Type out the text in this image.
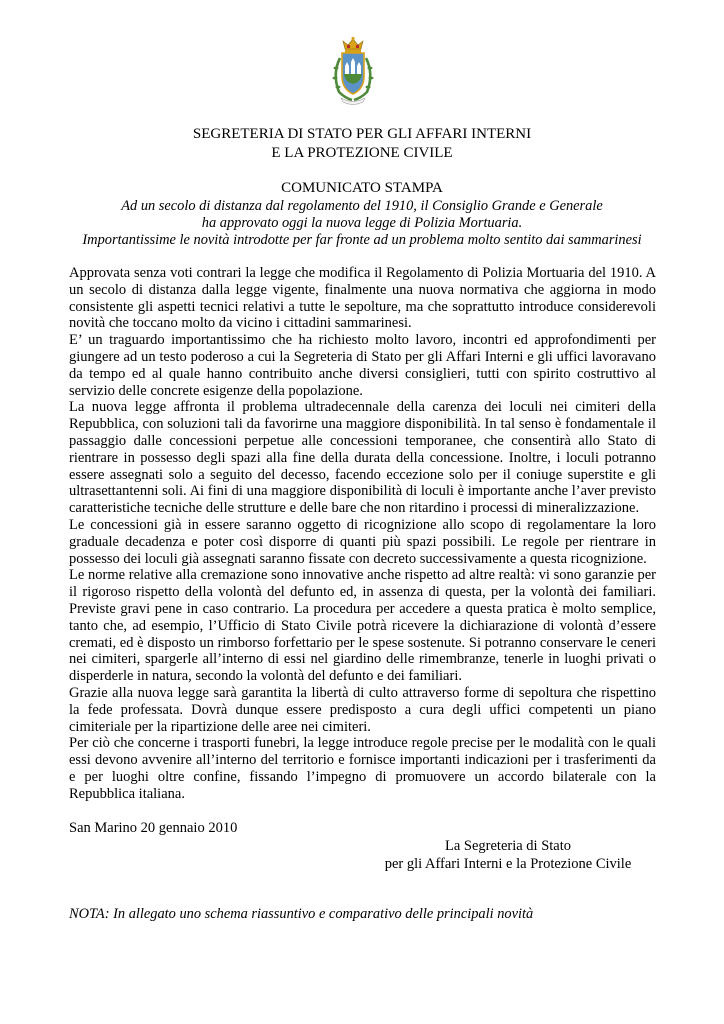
SEGRETERIA DI STATO PER GLI AFFARI INTERNI
E LA PROTEZIONE CIVILE
COMUNICATO STAMPA
Ad un secolo di distanza dal regolamento del 1910, il Consiglio Grande e Generale
ha approvato oggi la nuova legge di Polizia Mortuaria.
Importantissime le novità introdotte per far fronte ad un problema molto sentito dai sammarinesi

Approvata senza voti contrari la legge che modifica il Regolamento di Polizia Mortuaria del 1910. A un secolo di distanza dalla legge vigente, finalmente una nuova normativa che aggiorna in modo consistente gli aspetti tecnici relativi a tutte le sepolture, ma che soprattutto introduce considerevoli novità che toccano molto da vicino i cittadini sammarinesi.

E’ un traguardo importantissimo che ha richiesto molto lavoro, incontri ed approfondimenti per giungere ad un testo poderoso a cui la Segreteria di Stato per gli Affari Interni e gli uffici lavoravano da tempo ed al quale hanno contribuito anche diversi consiglieri, tutti con spirito costruttivo al servizio delle concrete esigenze della popolazione.

La nuova legge affronta il problema ultradecennale della carenza dei loculi nei cimiteri della Repubblica, con soluzioni tali da favorirne una maggiore disponibilità. In tal senso è fondamentale il passaggio dalle concessioni perpetue alle concessioni temporanee, che consentirà allo Stato di rientrare in possesso degli spazi alla fine della durata della concessione. Inoltre, i loculi potranno essere assegnati solo a seguito del decesso, facendo eccezione solo per il coniuge superstite e gli ultrasettantenni soli. Ai fini di una maggiore disponibilità di loculi è importante anche l’aver previsto caratteristiche tecniche delle strutture e delle bare che non ritardino i processi di mineralizzazione.

Le concessioni già in essere saranno oggetto di ricognizione allo scopo di regolamentare la loro graduale decadenza e poter così disporre di quanti più spazi possibili. Le regole per rientrare in possesso dei loculi già assegnati saranno fissate con decreto successivamente a questa ricognizione.

Le norme relative alla cremazione sono innovative anche rispetto ad altre realtà: vi sono garanzie per il rigoroso rispetto della volontà del defunto ed, in assenza di questa, per la volontà dei familiari. Previste gravi pene in caso contrario. La procedura per accedere a questa pratica è molto semplice, tanto che, ad esempio, l’Ufficio di Stato Civile potrà ricevere la dichiarazione di volontà d’essere cremati, ed è disposto un rimborso forfettario per le spese sostenute. Si potranno conservare le ceneri nei cimiteri, spargerle all’interno di essi nel giardino delle rimembranze, tenerle in luoghi privati o disperderle in natura, secondo la volontà del defunto e dei familiari.

Grazie alla nuova legge sarà garantita la libertà di culto attraverso forme di sepoltura che rispettino la fede professata. Dovrà dunque essere predisposto a cura degli uffici competenti un piano cimiteriale per la ripartizione delle aree nei cimiteri.

Per ciò che concerne i trasporti funebri, la legge introduce regole precise per le modalità con le quali essi devono avvenire all’interno del territorio e fornisce importanti indicazioni per i trasferimenti da e per luoghi oltre confine, fissando l’impegno di promuovere un accordo bilaterale con la Repubblica italiana.

San Marino 20 gennaio 2010
La Segreteria di Stato
per gli Affari Interni e la Protezione Civile
NOTA: In allegato uno schema riassuntivo e comparativo delle principali novità
